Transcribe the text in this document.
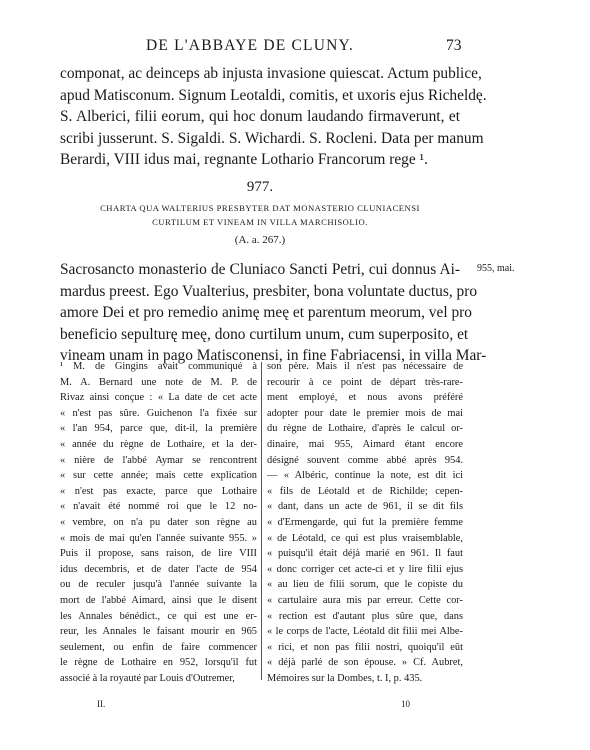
DE L'ABBAYE DE CLUNY.	73
componat, ac deinceps ab injusta invasione quiescat. Actum publice,
apud Matisconum. Signum Leotaldi, comitis, et uxoris ejus Richeldę.
S. Alberici, filii eorum, qui hoc donum laudando firmaverunt, et
scribi jusserunt. S. Sigaldi. S. Wichardi. S. Rocleni. Data per manum
Berardi, VIII idus mai, regnante Lothario Francorum rege ¹.
977.
CHARTA QUA WALTERIUS PRESBYTER DAT MONASTERIO CLUNIACENSI
CURTILUM ET VINEAM IN VILLA MARCHISOLIO.
(A. a. 267.)
955, mai.
Sacrosancto monasterio de Cluniaco Sancti Petri, cui donnus Ai-
mardus preest. Ego Vualterius, presbiter, bona voluntate ductus, pro
amore Dei et pro remedio animę meę et parentum meorum, vel pro
beneficio sepulturę meę, dono curtilum unum, cum superposito, et
vineam unam in pago Matisconensi, in fine Fabriacensi, in villa Mar-
¹ M. de Gingins avait communiqué à
M. A. Bernard une note de M. P. de
Rivaz ainsi conçue : « La date de cet acte
« n'est pas sûre. Guichenon l'a fixée sur
« l'an 954, parce que, dit-il, la première
« année du règne de Lothaire, et la der-
« nière de l'abbé Aymar se rencontrent
« sur cette année; mais cette explication
« n'est pas exacte, parce que Lothaire
« n'avait été nommé roi que le 12 no-
« vembre, on n'a pu dater son règne au
« mois de mai qu'en l'année suivante 955. »
Puis il propose, sans raison, de lire VIII
idus decembris, et de dater l'acte de 954
ou de reculer jusqu'à l'année suivante la
mort de l'abbé Aimard, ainsi que le disent
les Annales bénédict., ce qui est une er-
reur, les Annales le faisant mourir en 965
seulement, ou enfin de faire commencer
le règne de Lothaire en 952, lorsqu'il fut
associé à la royauté par Louis d'Outremer,
son père. Mais il n'est pas nécessaire de
recourir à ce point de départ très-rare-
ment employé, et nous avons préféré
adopter pour date le premier mois de mai
du règne de Lothaire, d'après le calcul or-
dinaire, mai 955, Aimard étant encore
désigné souvent comme abbé après 954.
— « Albéric, continue la note, est dit ici
« fils de Léotald et de Richilde; cepen-
« dant, dans un acte de 961, il se dit fils
« d'Ermengarde, qui fut la première femme
« de Léotald, ce qui est plus vraisemblable,
« puisqu'il était déjà marié en 961. Il faut
« donc corriger cet acte-ci et y lire filii ejus
« au lieu de filii sorum, que le copiste du
« cartulaire aura mis par erreur. Cette cor-
« rection est d'autant plus sûre que, dans
« le corps de l'acte, Léotald dit filii mei Albe-
« rici, et non pas filii nostri, quoiqu'il eût
« déjà parlé de son épouse. » Cf. Aubret,
Mémoires sur la Dombes, t. I, p. 435.
II.	10
